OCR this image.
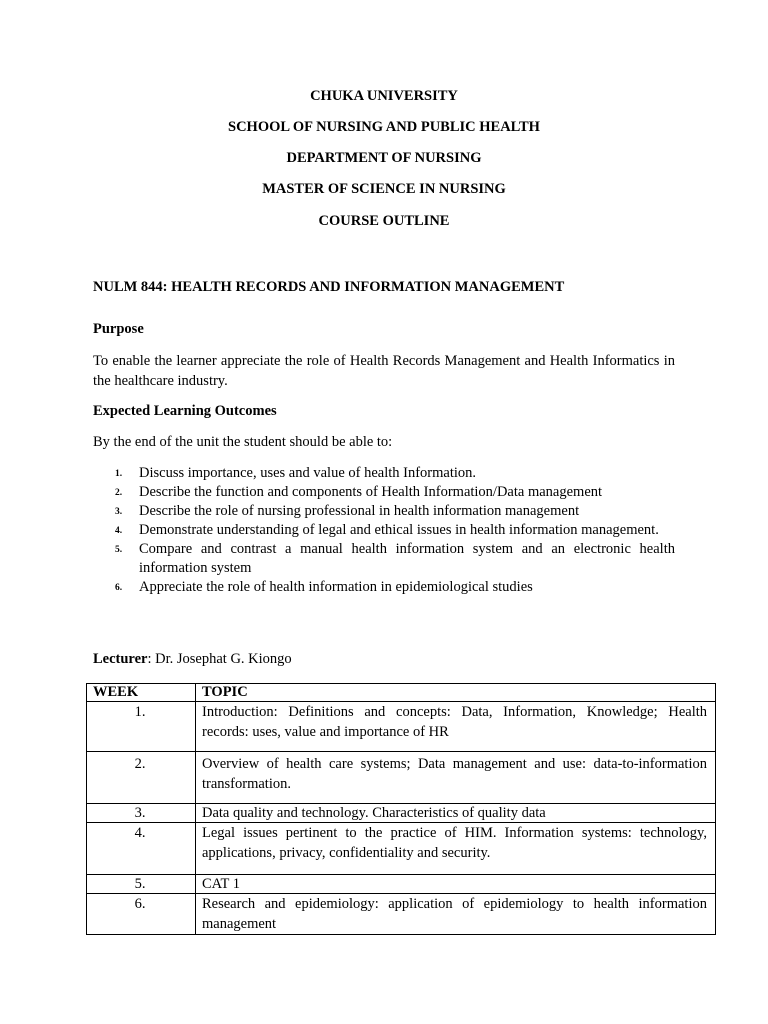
CHUKA UNIVERSITY
SCHOOL OF NURSING AND PUBLIC HEALTH
DEPARTMENT OF NURSING
MASTER OF SCIENCE IN NURSING
COURSE OUTLINE
NULM 844: HEALTH RECORDS AND INFORMATION MANAGEMENT
Purpose
To enable the learner appreciate the role of Health Records Management and Health Informatics in the healthcare industry.
Expected Learning Outcomes
By the end of the unit the student should be able to:
1. Discuss importance, uses and value of health Information.
2. Describe the function and components of Health Information/Data management
3. Describe the role of nursing professional in health information management
4. Demonstrate understanding of legal and ethical issues in health information management.
5. Compare and contrast a manual health information system and an electronic health information system
6. Appreciate the role of health information in epidemiological studies
Lecturer: Dr. Josephat G. Kiongo
WEEK	TOPIC
1.	Introduction: Definitions and concepts: Data, Information, Knowledge; Health records: uses, value and importance of HR
2.	Overview of health care systems; Data management and use: data-to-information transformation.
3.	Data quality and technology. Characteristics of quality data
4.	Legal issues pertinent to the practice of HIM. Information systems: technology, applications, privacy, confidentiality and security.
5.	CAT 1
6.	Research and epidemiology: application of epidemiology to health information management
